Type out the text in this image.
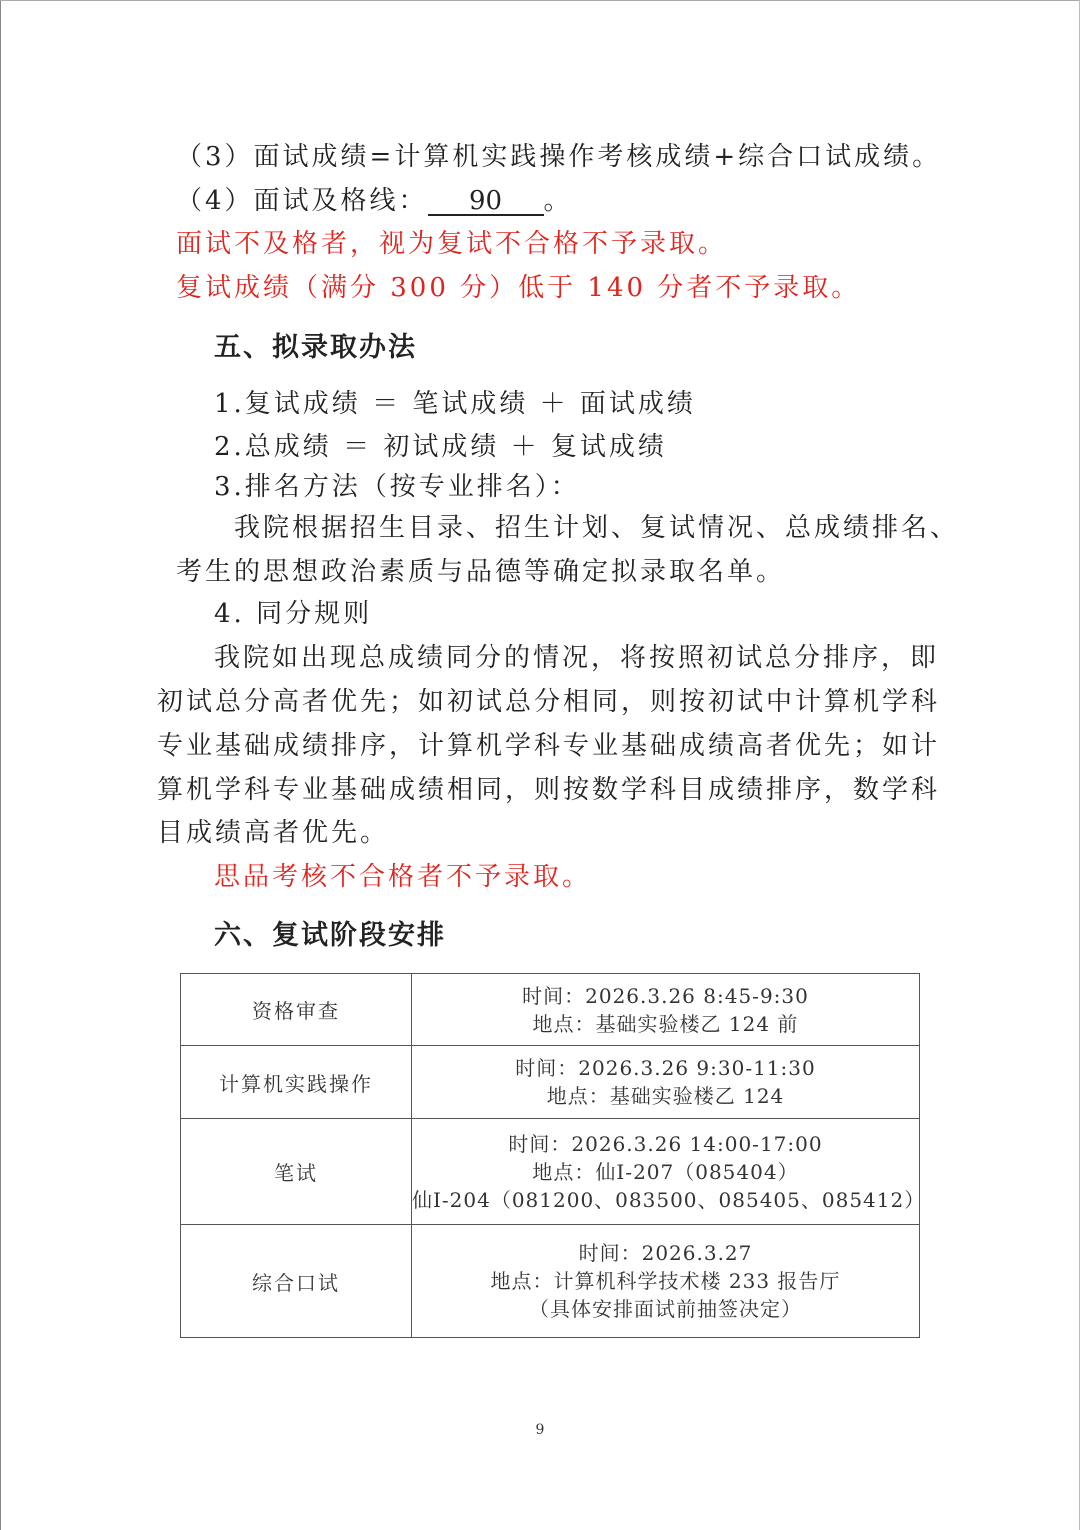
（3）面试成绩=计算机实践操作考核成绩+综合口试成绩。
（4）面试及格线： 90 。
面试不及格者，视为复试不合格不予录取。
复试成绩（满分 300 分）低于 140 分者不予录取。
五、拟录取办法
1.复试成绩 ＝ 笔试成绩 ＋ 面试成绩
2.总成绩 ＝ 初试成绩 ＋ 复试成绩
3.排名方法（按专业排名）：
我院根据招生目录、招生计划、复试情况、总成绩排名、
考生的思想政治素质与品德等确定拟录取名单。
4. 同分规则
我院如出现总成绩同分的情况，将按照初试总分排序，即
初试总分高者优先；如初试总分相同，则按初试中计算机学科
专业基础成绩排序，计算机学科专业基础成绩高者优先；如计
算机学科专业基础成绩相同，则按数学科目成绩排序，数学科
目成绩高者优先。
思品考核不合格者不予录取。
六、复试阶段安排
资格审查	时间：2026.3.26 8:45-9:30
地点：基础实验楼乙 124 前

计算机实践操作	时间：2026.3.26 9:30-11:30
地点：基础实验楼乙 124

笔试	时间：2026.3.26 14:00-17:00
地点：仙Ⅰ-207（085404）
仙Ⅰ-204（081200、083500、085405、085412）

综合口试	时间：2026.3.27
地点：计算机科学技术楼 233 报告厅
（具体安排面试前抽签决定）
9
